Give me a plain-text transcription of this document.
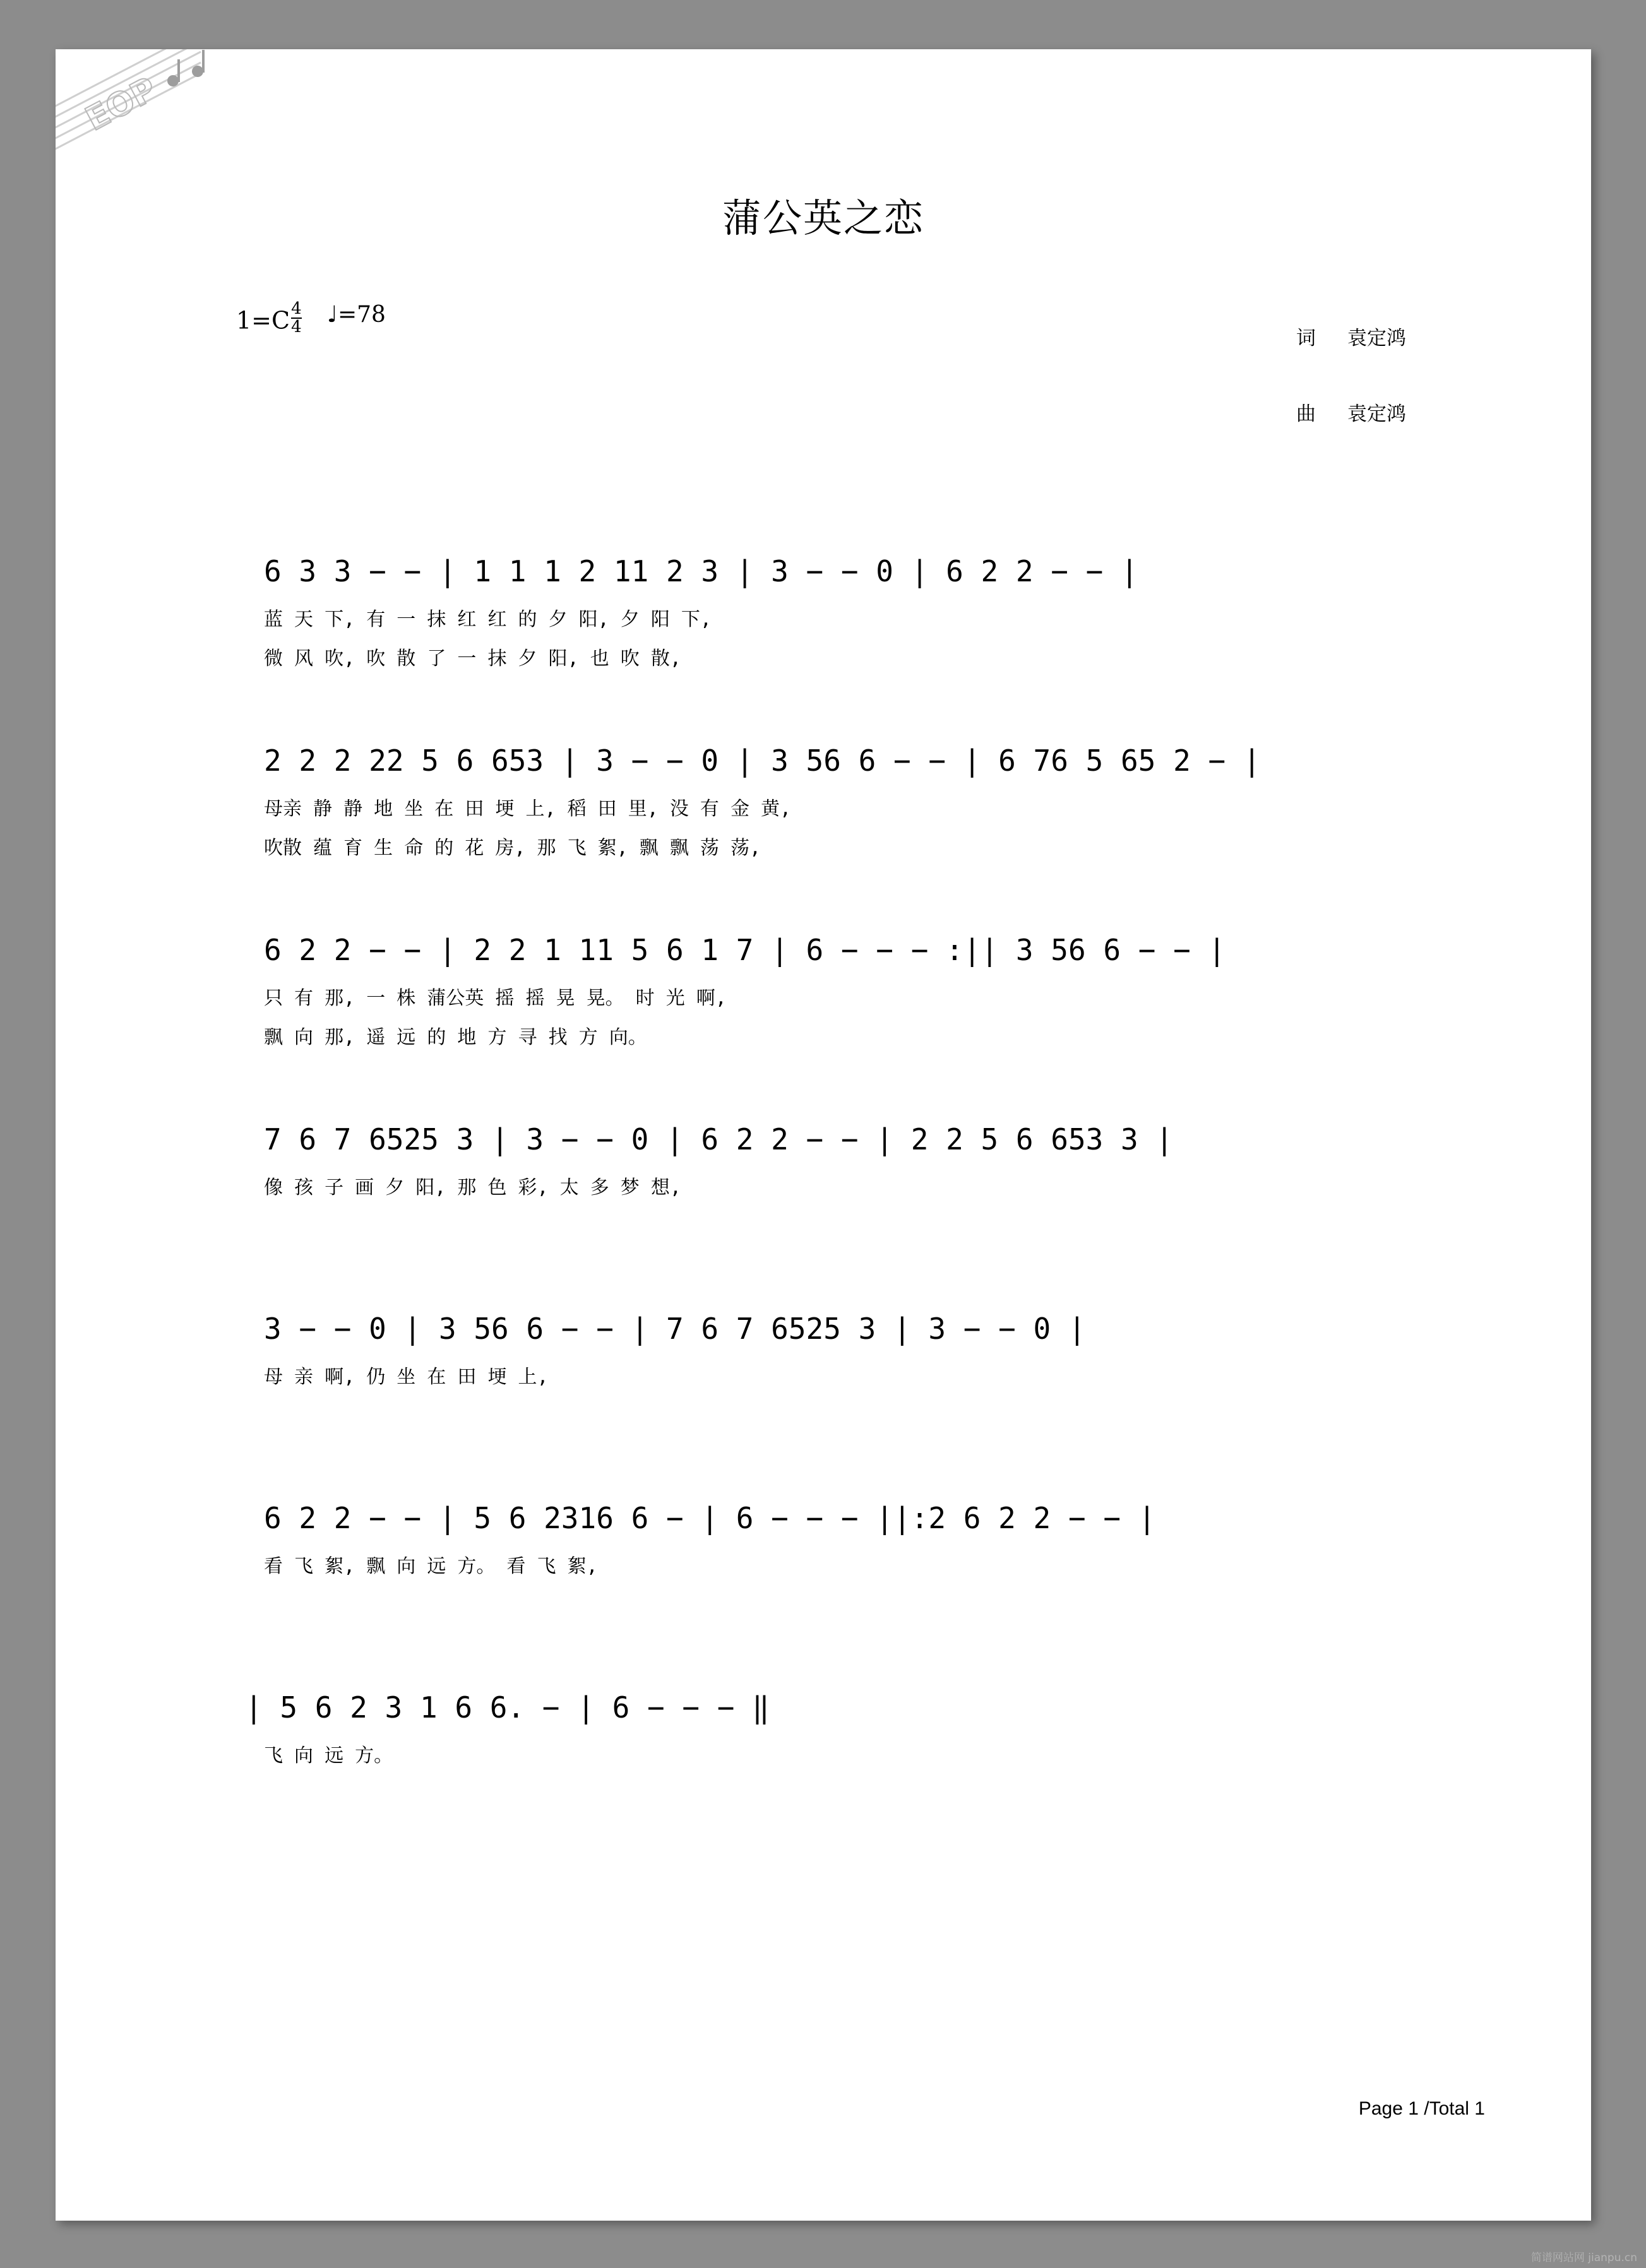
EOP
蒲公英之恋
$1=C \frac{4}{4}$ ♩=78
词 袁定鸿
曲 袁定鸿
6 3 3 − − | 1 1 1 2 11 2 3 | 3 − − 0 | 6 2 2 − − |
蓝 天 下, 有 一 抹 红 红 的 夕 阳, 夕 阳 下,
微 风 吹, 吹 散 了 一 抹 夕 阳, 也 吹 散,
2 2 2 22 5 6 653 | 3 − − 0 | 3 56 6 − − | 6 76 5 65 2 − |
母亲 静 静 地 坐 在 田 埂 上, 稻 田 里, 没 有 金 黄,
吹散 蕴 育 生 命 的 花 房, 那 飞 絮, 飘 飘 荡 荡,
6 2 2 − − | 2 2 1 11 5 6 1 7 | 6 − − − :|| 3 56 6 − − |
只 有 那, 一 株 蒲公英 摇 摇 晃 晃。 时 光 啊,
飘 向 那, 遥 远 的 地 方 寻 找 方 向。
7 6 7 6525 3 | 3 − − 0 | 6 2 2 − − | 2 2 5 6 653 3 |
像 孩 子 画 夕 阳, 那 色 彩, 太 多 梦 想,
3 − − 0 | 3 56 6 − − | 7 6 7 6525 3 | 3 − − 0 |
母 亲 啊, 仍 坐 在 田 埂 上,
6 2 2 − − | 5 6 2316 6 − | 6 − − − ||:2 6 2 2 − − |
看 飞 絮, 飘 向 远 方。 看 飞 絮,
| 5 6 2 3 1 6 6. − | 6 − − − ‖
飞 向 远 方。
Page 1 /Total 1
简谱网站网 jianpu.cn
